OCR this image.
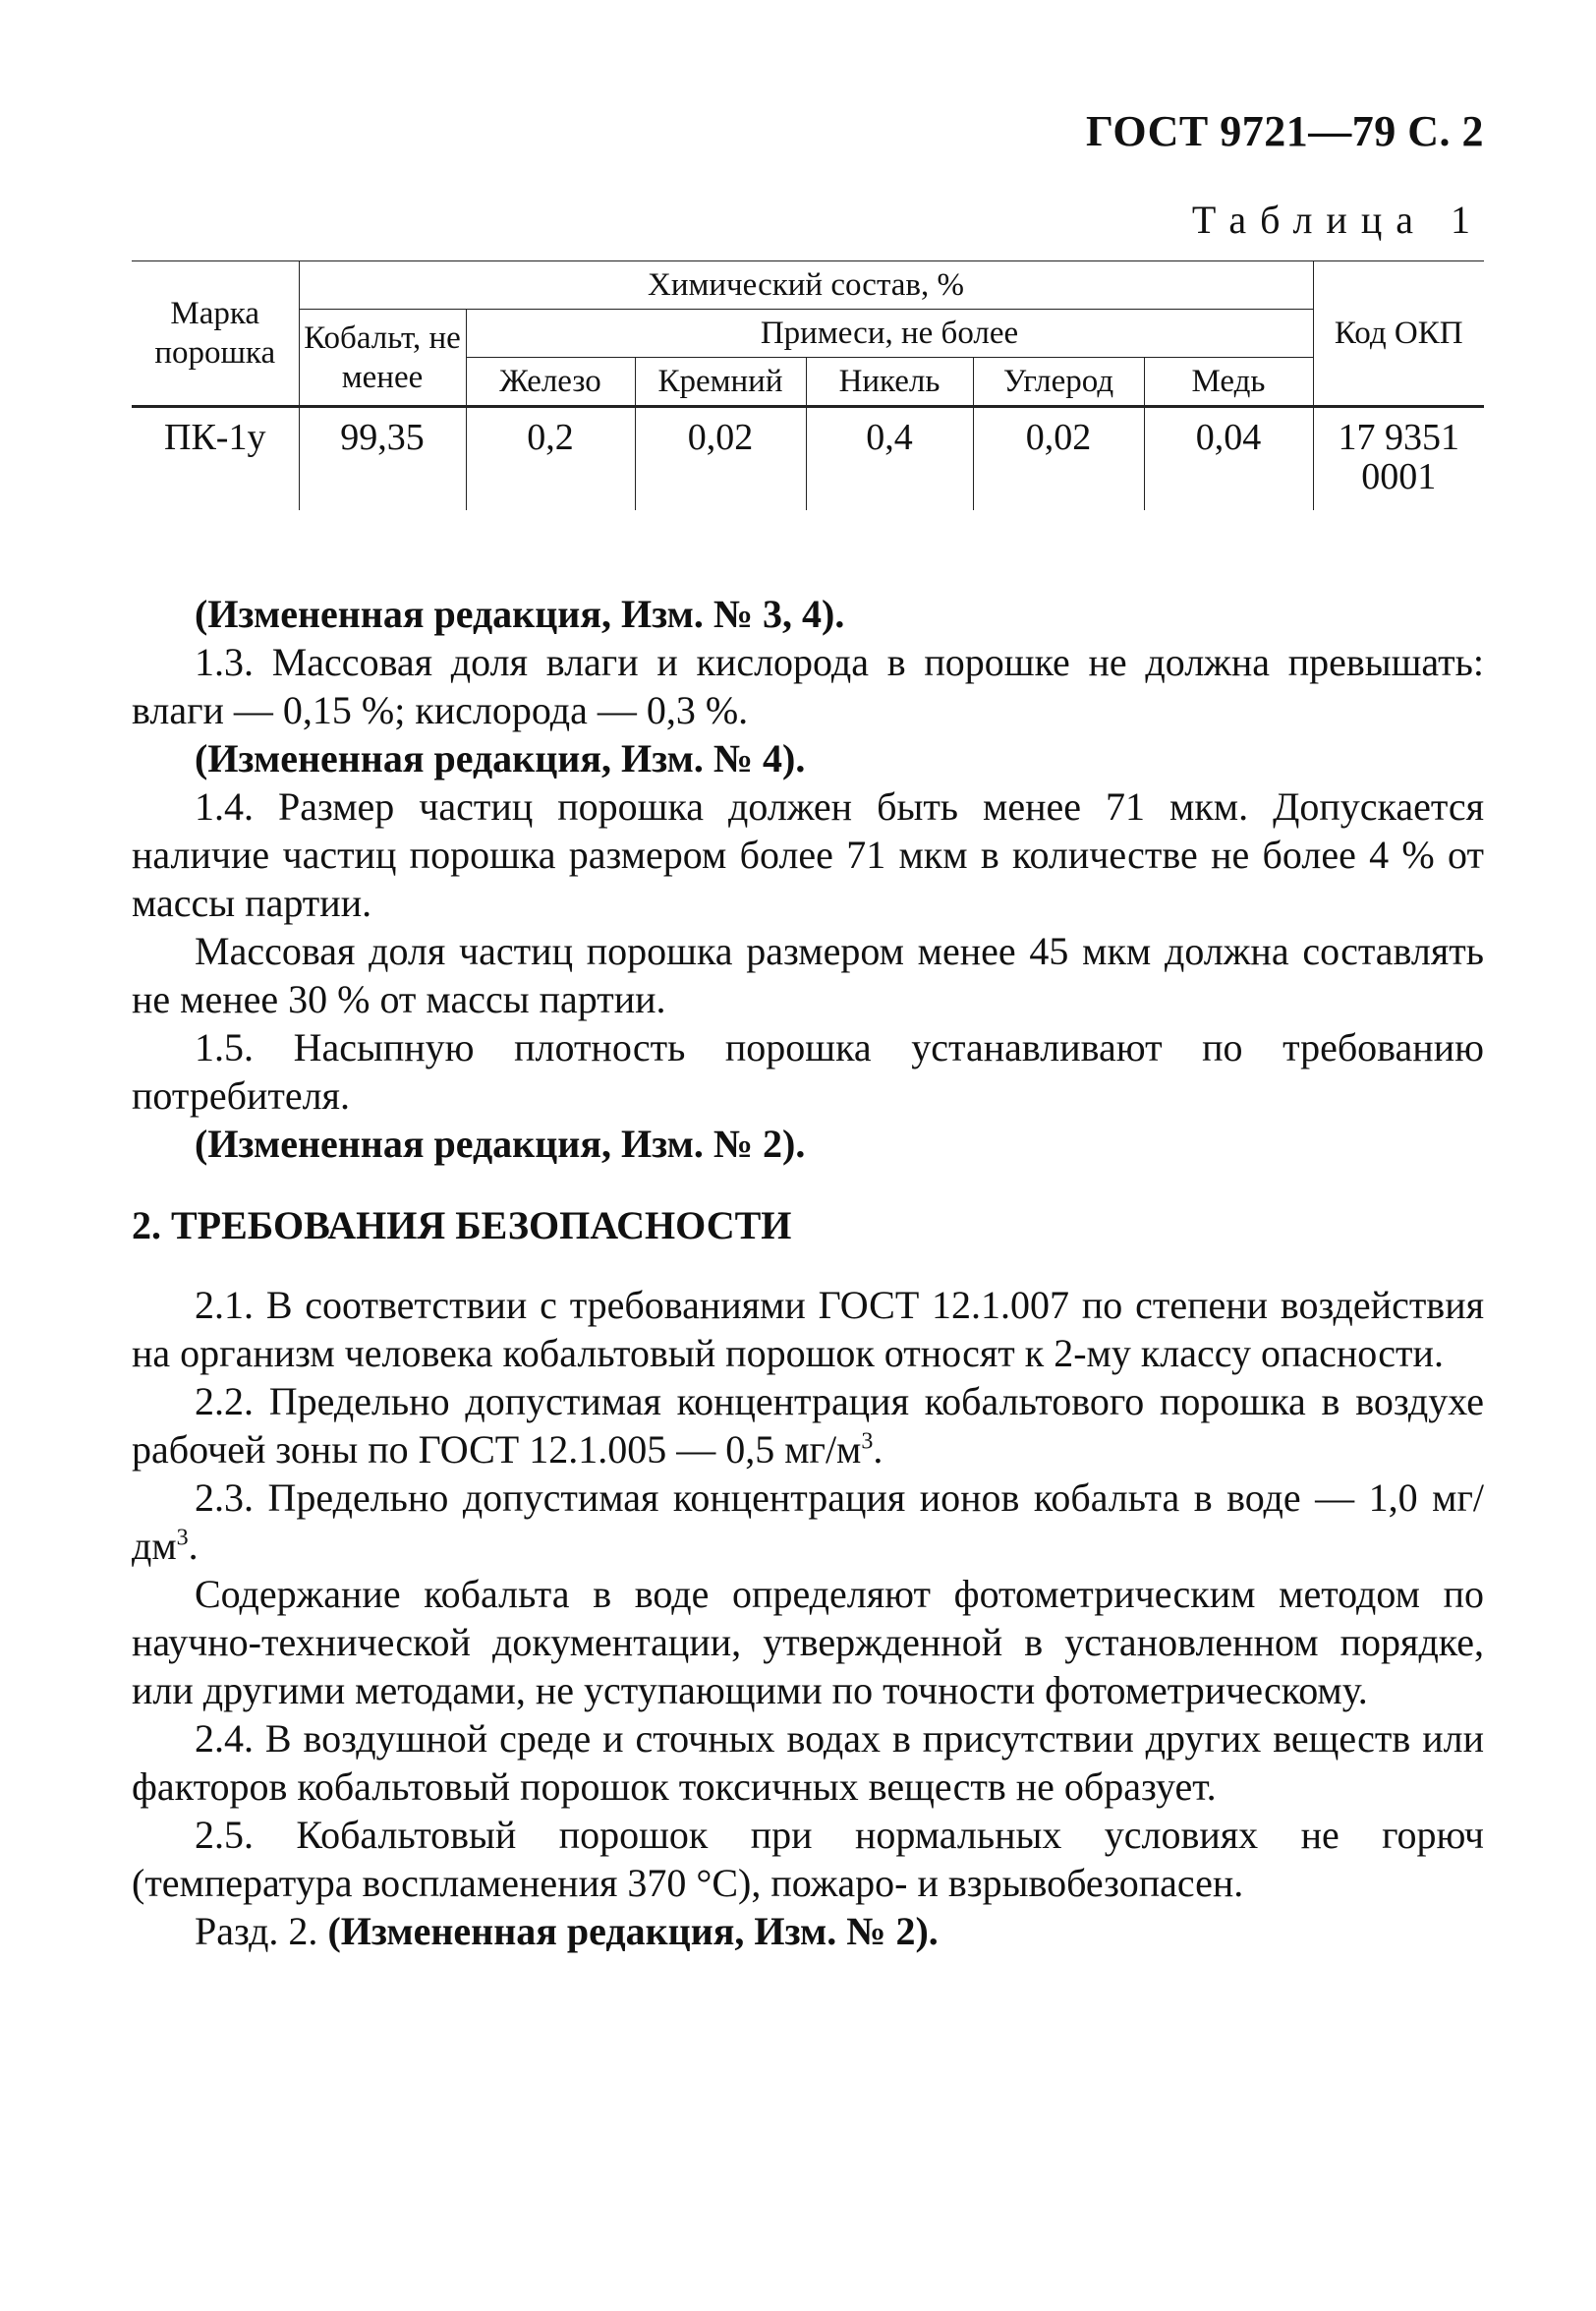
ГОСТ 9721—79 С. 2
Таблица 1
Марка порошка	Химический состав, %						Код ОКП
	Кобальт, не менее	Примеси, не более					
		Железо	Кремний	Никель	Углерод	Медь	
ПК-1у	99,35	0,2	0,02	0,4	0,02	0,04	17 9351
0001

(Измененная редакция, Изм. № 3, 4).

1.3. Массовая доля влаги и кислорода в порошке не должна превышать: влаги — 0,15 %; кислорода — 0,3 %.

(Измененная редакция, Изм. № 4).

1.4. Размер частиц порошка должен быть менее 71 мкм. Допускается наличие частиц порошка размером более 71 мкм в количестве не более 4 % от массы партии.

Массовая доля частиц порошка размером менее 45 мкм должна составлять не менее 30 % от массы партии.

1.5. Насыпную плотность порошка устанавливают по требованию потребителя.

(Измененная редакция, Изм. № 2).

2. ТРЕБОВАНИЯ БЕЗОПАСНОСТИ

2.1. В соответствии с требованиями ГОСТ 12.1.007 по степени воздействия на организм человека кобальтовый порошок относят к 2-му классу опасности.

2.2. Предельно допустимая концентрация кобальтового порошка в воздухе рабочей зоны по ГОСТ 12.1.005 — 0,5 $мг/м^3$.

2.3. Предельно допустимая концентрация ионов кобальта в воде — 1,0 $мг/дм^3$.

Содержание кобальта в воде определяют фотометрическим методом по научно-технической документации, утвержденной в установленном порядке, или другими методами, не уступающими по точности фотометрическому.

2.4. В воздушной среде и сточных водах в присутствии других веществ или факторов кобальтовый порошок токсичных веществ не образует.

2.5. Кобальтовый порошок при нормальных условиях не горюч (температура воспламенения 370 °С), пожаро- и взрывобезопасен.

Разд. 2. (Измененная редакция, Изм. № 2).
